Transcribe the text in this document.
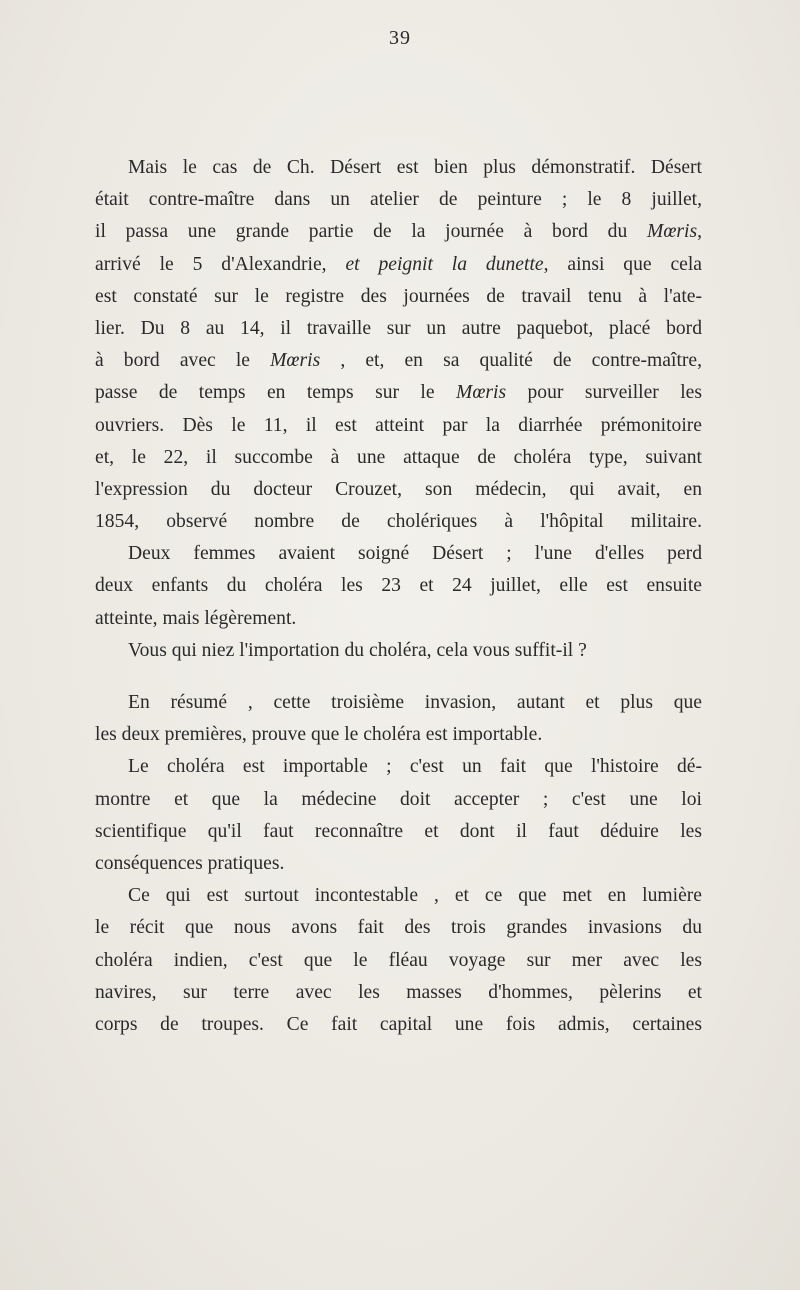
39
Mais le cas de Ch. Désert est bien plus démonstratif. Désert
était contre-maître dans un atelier de peinture ; le 8 juillet,
il passa une grande partie de la journée à bord du Mœris,
arrivé le 5 d'Alexandrie, et peignit la dunette, ainsi que cela
est constaté sur le registre des journées de travail tenu à l'ate-
lier. Du 8 au 14, il travaille sur un autre paquebot, placé bord
à bord avec le Mœris , et, en sa qualité de contre-maître,
passe de temps en temps sur le Mœris pour surveiller les
ouvriers. Dès le 11, il est atteint par la diarrhée prémonitoire
et, le 22, il succombe à une attaque de choléra type, suivant
l'expression du docteur Crouzet, son médecin, qui avait, en
1854, observé nombre de cholériques à l'hôpital militaire.
Deux femmes avaient soigné Désert ; l'une d'elles perd
deux enfants du choléra les 23 et 24 juillet, elle est ensuite
atteinte, mais légèrement.
Vous qui niez l'importation du choléra, cela vous suffit-il ?
En résumé , cette troisième invasion, autant et plus que
les deux premières, prouve que le choléra est importable.
Le choléra est importable ; c'est un fait que l'histoire dé-
montre et que la médecine doit accepter ; c'est une loi
scientifique qu'il faut reconnaître et dont il faut déduire les
conséquences pratiques.
Ce qui est surtout incontestable , et ce que met en lumière
le récit que nous avons fait des trois grandes invasions du
choléra indien, c'est que le fléau voyage sur mer avec les
navires, sur terre avec les masses d'hommes, pèlerins et
corps de troupes. Ce fait capital une fois admis, certaines
